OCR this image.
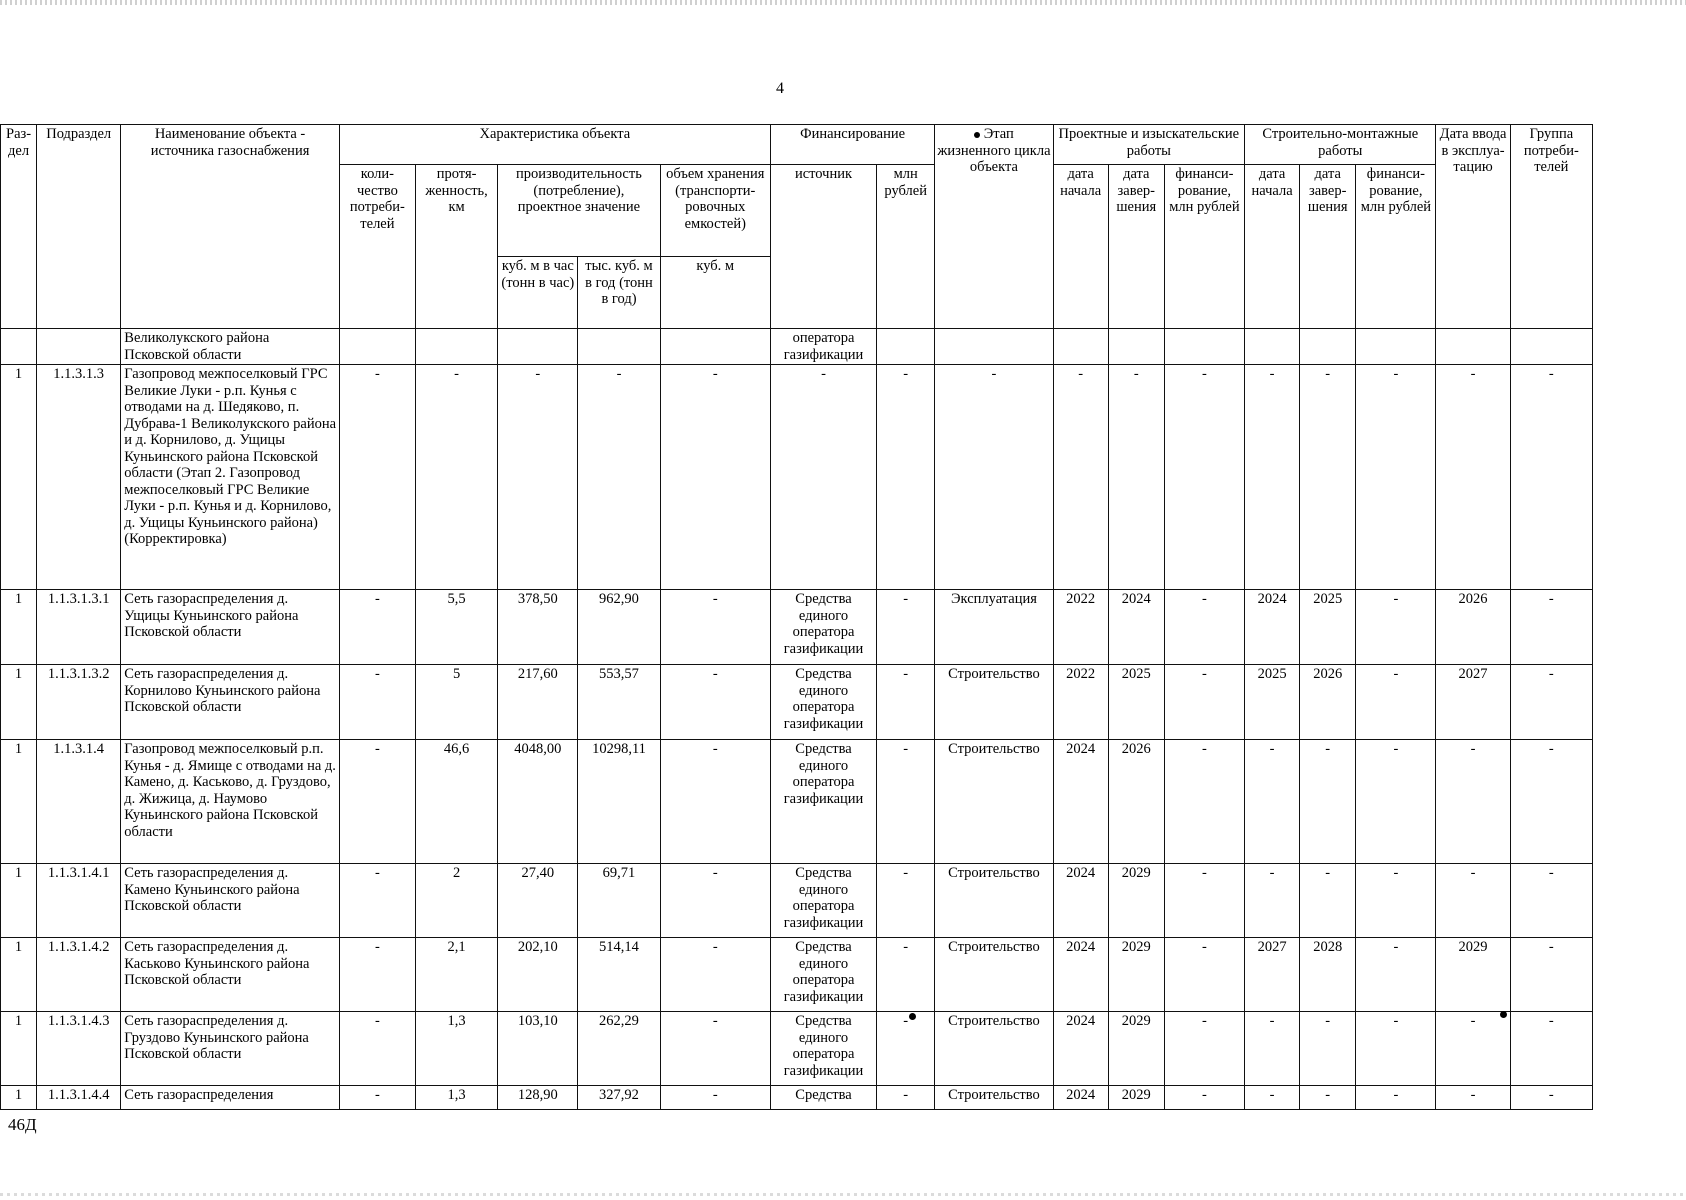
4
Раз-дел	Подраздел	Наименование объекта - источника газоснабжения	Характеристика объекта					Финансирование		Этап жизненного цикла объекта	Проектные и изыскательские работы			Строительно-монтажные работы			Дата ввода в эксплуа-тацию	Группа потреби-телей
			коли-чество потреби-телей	протя-женность, км	производительность (потребление), проектное значение		объем хранения (транспорти-ровочных емкостей)	источник	млн рублей		дата начала	дата завер-шения	финанси-рование, млн рублей	дата начала	дата завер-шения	финанси-рование, млн рублей		
					куб. м в час (тонн в час)	тыс. куб. м в год (тонн в год)	куб. м											
		Великолукского района Псковской области						оператора газификации										
1	1.1.3.1.3	Газопровод межпоселковый ГРС Великие Луки - р.п. Кунья с отводами на д. Шедяково, п. Дубрава-1 Великолукского района и д. Корнилово, д. Ущицы Куньинского района Псковской области (Этап 2. Газопровод межпоселковый ГРС Великие Луки - р.п. Кунья и д. Корнилово, д. Ущицы Куньинского района) (Корректировка)	-	-	-	-	-	-	-	-	-	-	-	-	-	-	-	-
1	1.1.3.1.3.1	Сеть газораспределения д. Ущицы Куньинского района Псковской области	-	5,5	378,50	962,90	-	Средства единого оператора газификации	-	Эксплуатация	2022	2024	-	2024	2025	-	2026	-
1	1.1.3.1.3.2	Сеть газораспределения д. Корнилово Куньинского района Псковской области	-	5	217,60	553,57	-	Средства единого оператора газификации	-	Строительство	2022	2025	-	2025	2026	-	2027	-
1	1.1.3.1.4	Газопровод межпоселковый р.п. Кунья - д. Ямище с отводами на д. Камено, д. Каськово, д. Груздово, д. Жижица, д. Наумово Куньинского района Псковской области	-	46,6	4048,00	10298,11	-	Средства единого оператора газификации	-	Строительство	2024	2026	-	-	-	-	-	-
1	1.1.3.1.4.1	Сеть газораспределения д. Камено Куньинского района Псковской области	-	2	27,40	69,71	-	Средства единого оператора газификации	-	Строительство	2024	2029	-	-	-	-	-	-
1	1.1.3.1.4.2	Сеть газораспределения д. Каськово Куньинского района Псковской области	-	2,1	202,10	514,14	-	Средства единого оператора газификации	-	Строительство	2024	2029	-	2027	2028	-	2029	-
1	1.1.3.1.4.3	Сеть газораспределения д. Груздово Куньинского района Псковской области	-	1,3	103,10	262,29	-	Средства единого оператора газификации	-	Строительство	2024	2029	-	-	-	-	-	-
1	1.1.3.1.4.4	Сеть газораспределения	-	1,3	128,90	327,92	-	Средства	-	Строительство	2024	2029	-	-	-	-	-	-
46Д
